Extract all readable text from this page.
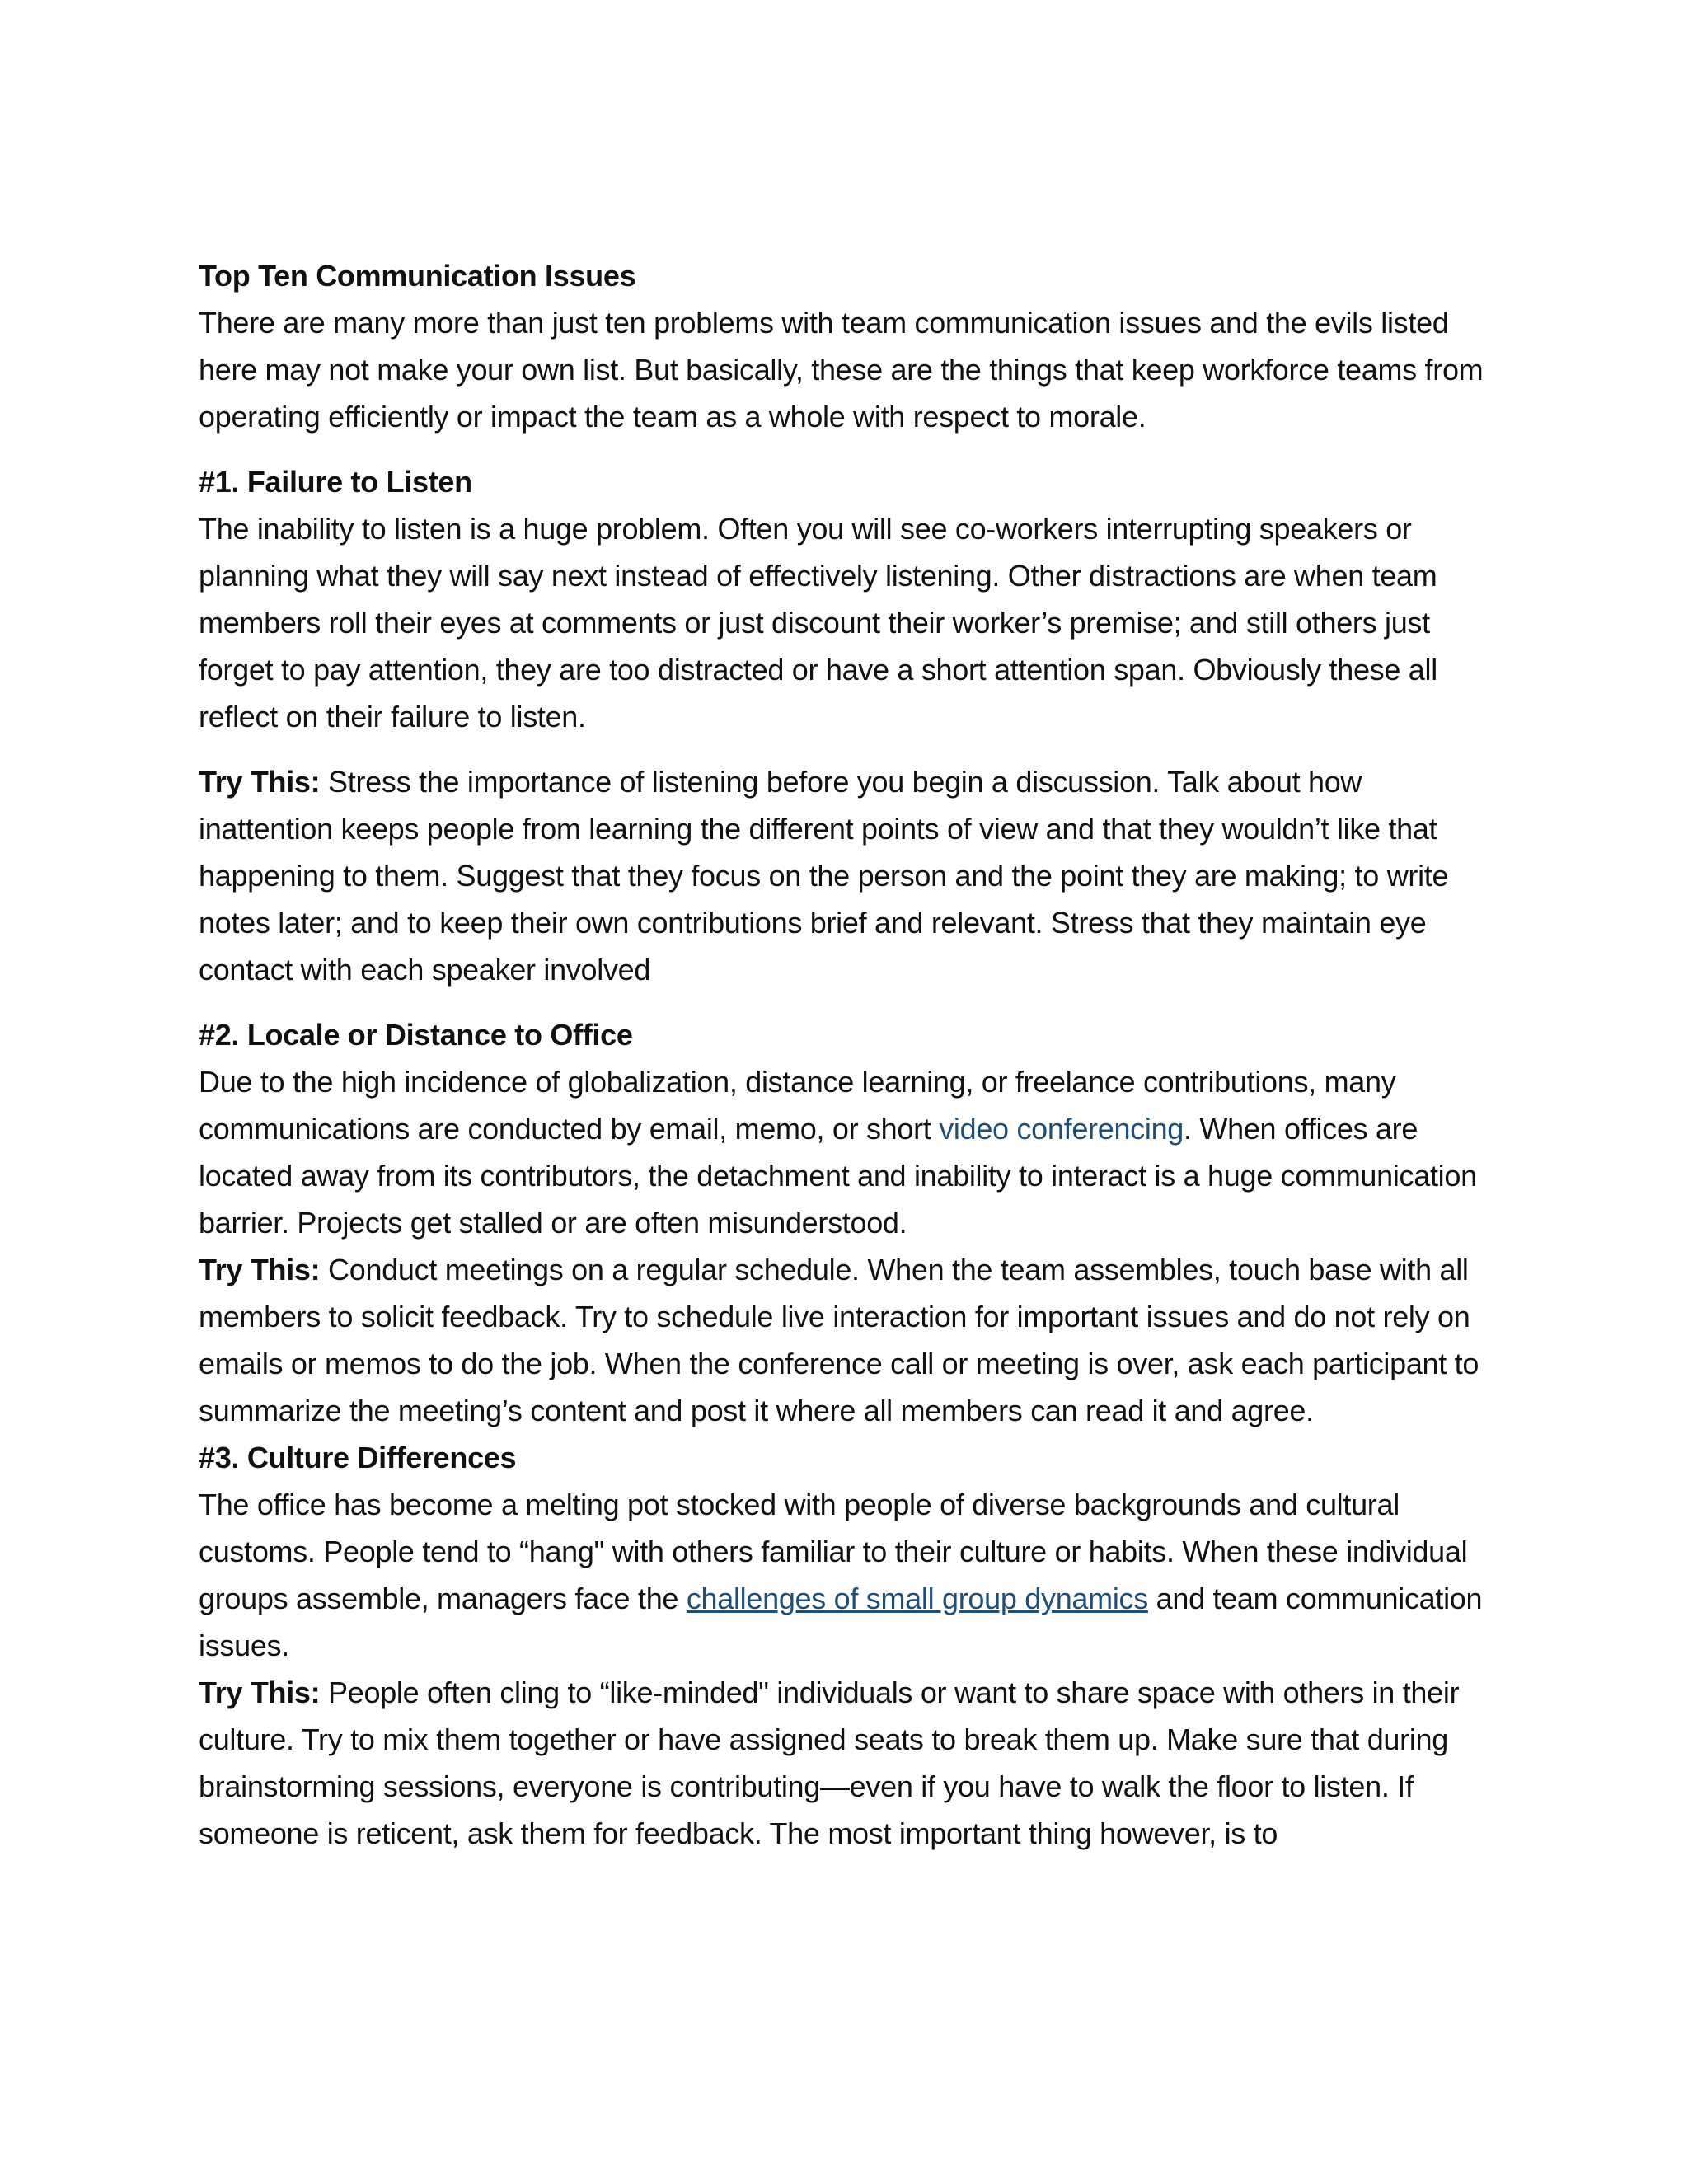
Top Ten Communication Issues

There are many more than just ten problems with team communication issues and the evils listed here may not make your own list. But basically, these are the things that keep workforce teams from operating efficiently or impact the team as a whole with respect to morale.

#1. Failure to Listen

The inability to listen is a huge problem. Often you will see co-workers interrupting speakers or planning what they will say next instead of effectively listening. Other distractions are when team members roll their eyes at comments or just discount their worker’s premise; and still others just forget to pay attention, they are too distracted or have a short attention span. Obviously these all reflect on their failure to listen.

Try This: Stress the importance of listening before you begin a discussion. Talk about how inattention keeps people from learning the different points of view and that they wouldn’t like that happening to them. Suggest that they focus on the person and the point they are making; to write notes later; and to keep their own contributions brief and relevant. Stress that they maintain eye contact with each speaker involved

#2. Locale or Distance to Office

Due to the high incidence of globalization, distance learning, or freelance contributions, many communications are conducted by email, memo, or short video conferencing. When offices are located away from its contributors, the detachment and inability to interact is a huge communication barrier. Projects get stalled or are often misunderstood.

Try This: Conduct meetings on a regular schedule. When the team assembles, touch base with all members to solicit feedback. Try to schedule live interaction for important issues and do not rely on emails or memos to do the job. When the conference call or meeting is over, ask each participant to summarize the meeting’s content and post it where all members can read it and agree.

#3. Culture Differences

The office has become a melting pot stocked with people of diverse backgrounds and cultural customs. People tend to “hang" with others familiar to their culture or habits. When these individual groups assemble, managers face the challenges of small group dynamics and team communication issues.

Try This: People often cling to “like-minded" individuals or want to share space with others in their culture. Try to mix them together or have assigned seats to break them up. Make sure that during brainstorming sessions, everyone is contributing—even if you have to walk the floor to listen. If someone is reticent, ask them for feedback. The most important thing however, is to
